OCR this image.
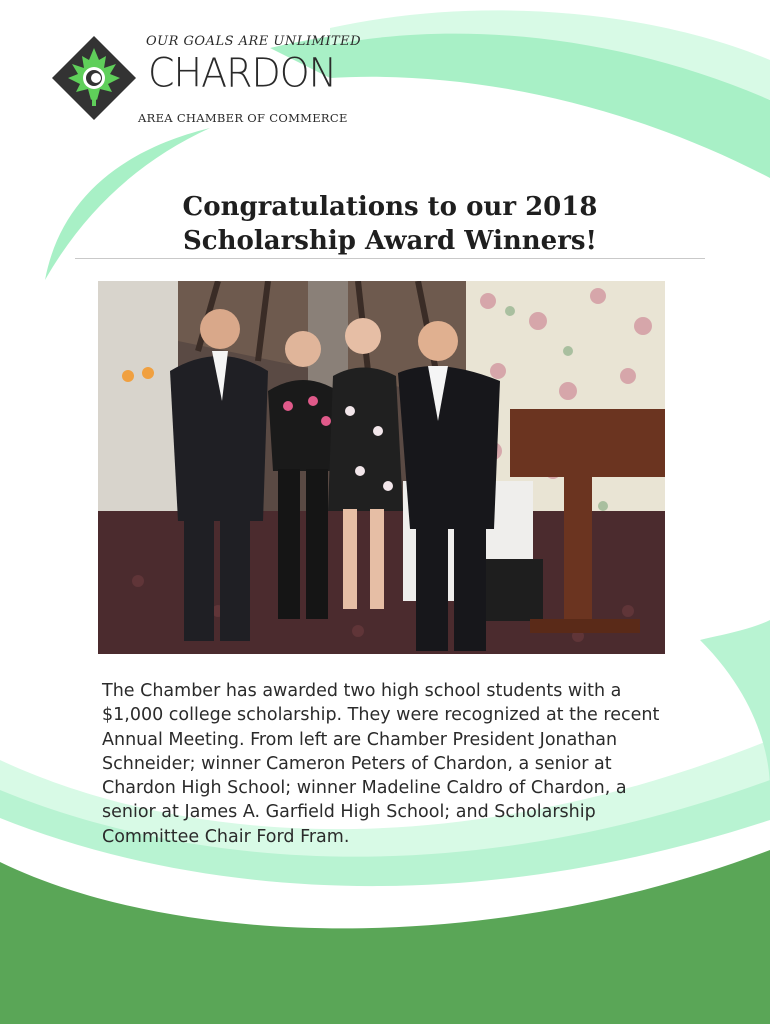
OUR GOALS ARE UNLIMITED
CHARDON
AREA CHAMBER OF COMMERCE
Congratulations to our 2018
Scholarship Award Winners!
The Chamber has awarded two high school students with a $1,000 college scholarship. They were recognized at the recent Annual Meeting. From left are Chamber President Jonathan Schneider; winner Cameron Peters of Chardon, a senior at Chardon High School; winner Madeline Caldro of Chardon, a senior at James A. Garfield High School; and Scholarship Committee Chair Ford Fram.
